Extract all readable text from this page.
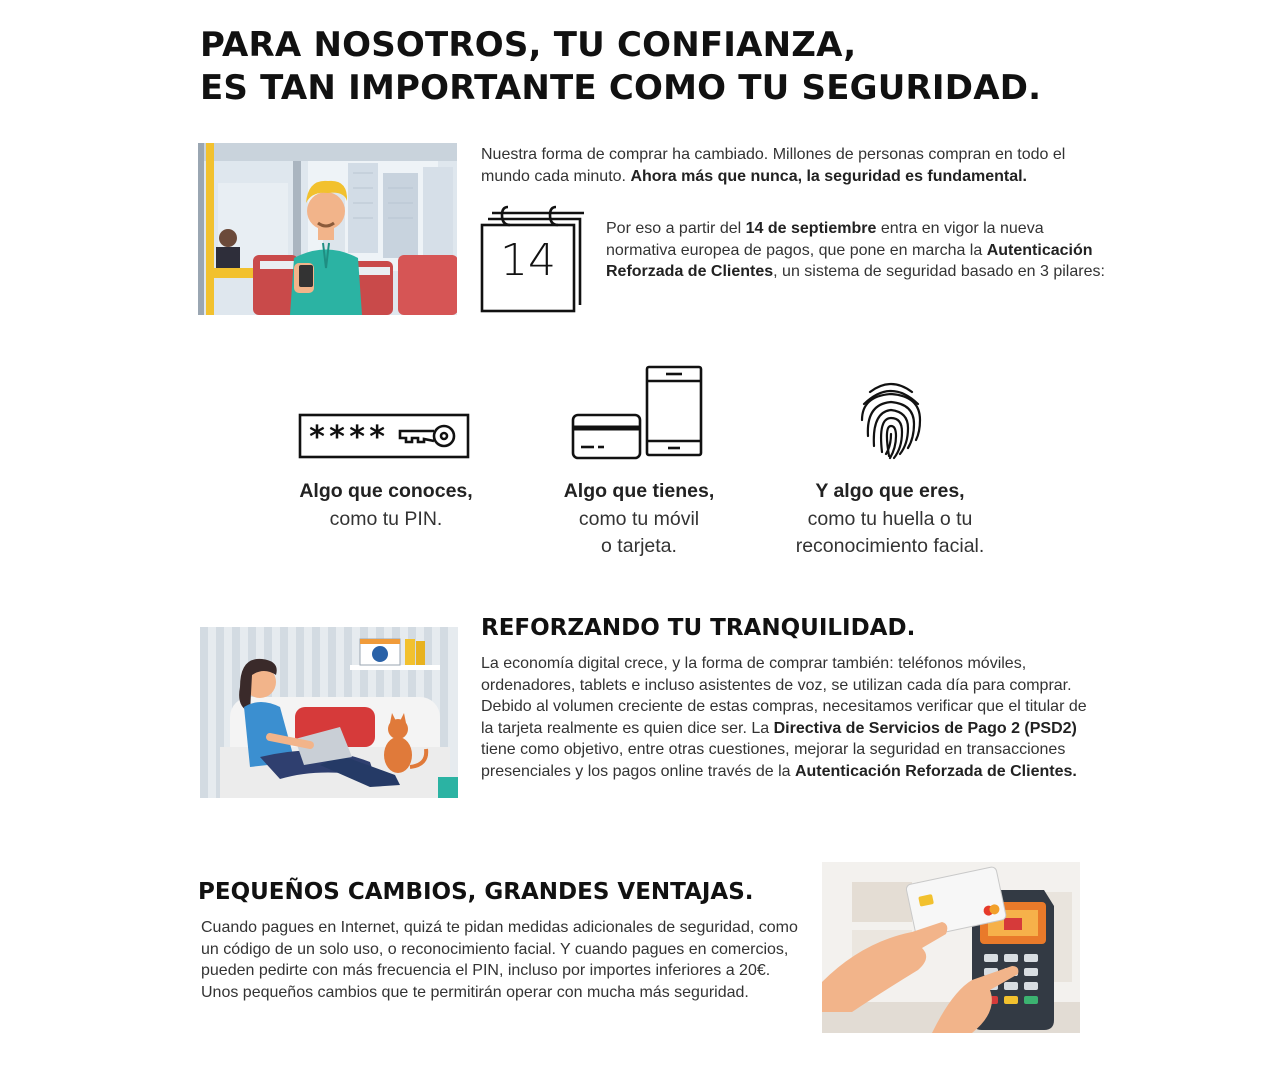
PARA NOSOTROS, TU CONFIANZA,
ES TAN IMPORTANTE COMO TU SEGURIDAD.
Nuestra forma de comprar ha cambiado. Millones de personas compran en todo el mundo cada minuto. Ahora más que nunca, la seguridad es fundamental.
14
Por eso a partir del 14 de septiembre entra en vigor la nueva normativa europea de pagos, que pone en marcha la Autenticación Reforzada de Clientes, un sistema de seguridad basado en 3 pilares:
****
Algo que conoces,
como tu PIN.
Algo que tienes,
como tu móvil
o tarjeta.
Y algo que eres,
como tu huella o tu
reconocimiento facial.
REFORZANDO TU TRANQUILIDAD.
La economía digital crece, y la forma de comprar también: teléfonos móviles, ordenadores, tablets e incluso asistentes de voz, se utilizan cada día para comprar. Debido al volumen creciente de estas compras, necesitamos verificar que el titular de la tarjeta realmente es quien dice ser. La Directiva de Servicios de Pago 2 (PSD2) tiene como objetivo, entre otras cuestiones, mejorar la seguridad en transacciones presenciales y los pagos online través de la Autenticación Reforzada de Clientes.
PEQUEÑOS CAMBIOS, GRANDES VENTAJAS.
Cuando pagues en Internet, quizá te pidan medidas adicionales de seguridad, como un código de un solo uso, o reconocimiento facial. Y cuando pagues en comercios, pueden pedirte con más frecuencia el PIN, incluso por importes inferiores a 20€. Unos pequeños cambios que te permitirán operar con mucha más seguridad.
